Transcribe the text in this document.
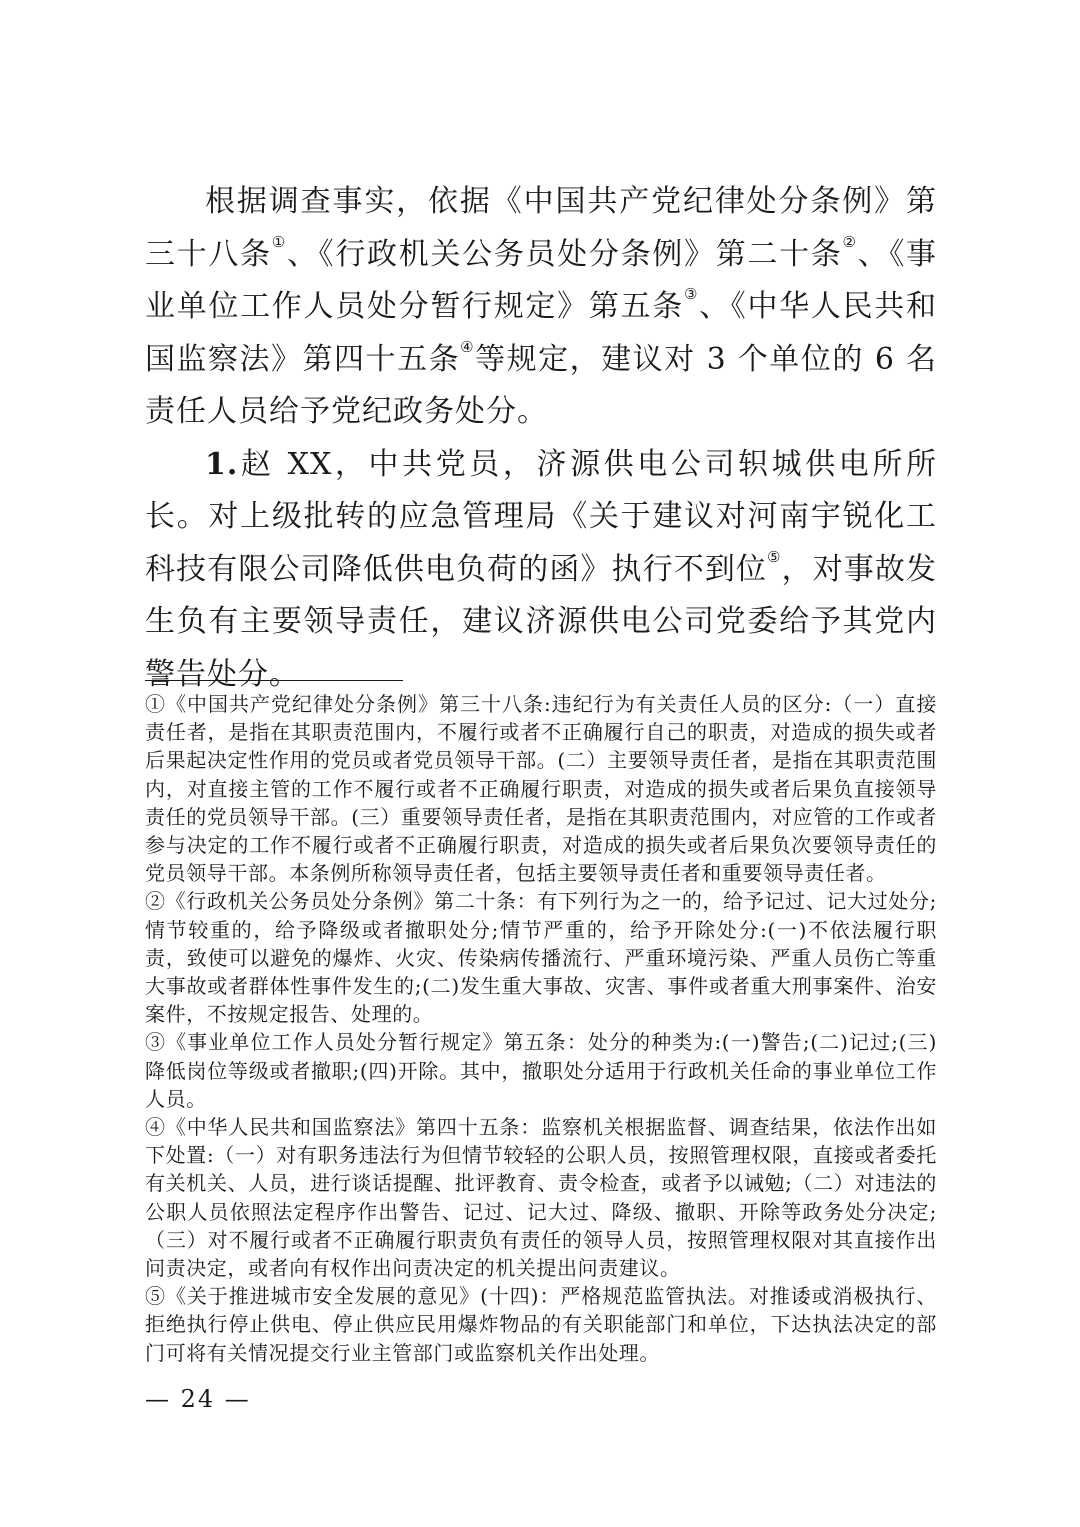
根据调查事实，依据《中国共产党纪律处分条例》第三十八条①、《行政机关公务员处分条例》第二十条②、《事业单位工作人员处分暂行规定》第五条③、《中华人民共和国监察法》第四十五条④等规定，建议对 3 个单位的 6 名责任人员给予党纪政务处分。

1.赵 XX，中共党员，济源供电公司轵城供电所所长。对上级批转的应急管理局《关于建议对河南宇锐化工科技有限公司降低供电负荷的函》执行不到位⑤，对事故发生负有主要领导责任，建议济源供电公司党委给予其党内警告处分。

①《中国共产党纪律处分条例》第三十八条:违纪行为有关责任人员的区分:（一）直接责任者，是指在其职责范围内，不履行或者不正确履行自己的职责，对造成的损失或者后果起决定性作用的党员或者党员领导干部。(二）主要领导责任者，是指在其职责范围内，对直接主管的工作不履行或者不正确履行职责，对造成的损失或者后果负直接领导责任的党员领导干部。(三）重要领导责任者，是指在其职责范围内，对应管的工作或者参与决定的工作不履行或者不正确履行职责，对造成的损失或者后果负次要领导责任的党员领导干部。本条例所称领导责任者，包括主要领导责任者和重要领导责任者。

②《行政机关公务员处分条例》第二十条：有下列行为之一的，给予记过、记大过处分;情节较重的，给予降级或者撤职处分;情节严重的，给予开除处分:(一)不依法履行职责，致使可以避免的爆炸、火灾、传染病传播流行、严重环境污染、严重人员伤亡等重大事故或者群体性事件发生的;(二)发生重大事故、灾害、事件或者重大刑事案件、治安案件，不按规定报告、处理的。

③《事业单位工作人员处分暂行规定》第五条：处分的种类为:(一)警告;(二)记过;(三)降低岗位等级或者撤职;(四)开除。其中，撤职处分适用于行政机关任命的事业单位工作人员。

④《中华人民共和国监察法》第四十五条：监察机关根据监督、调查结果，依法作出如下处置:（一）对有职务违法行为但情节较轻的公职人员，按照管理权限，直接或者委托有关机关、人员，进行谈话提醒、批评教育、责令检查，或者予以诫勉;（二）对违法的公职人员依照法定程序作出警告、记过、记大过、降级、撤职、开除等政务处分决定;（三）对不履行或者不正确履行职责负有责任的领导人员，按照管理权限对其直接作出问责决定，或者向有权作出问责决定的机关提出问责建议。

⑤《关于推进城市安全发展的意见》(十四)：严格规范监管执法。对推诿或消极执行、拒绝执行停止供电、停止供应民用爆炸物品的有关职能部门和单位，下达执法决定的部门可将有关情况提交行业主管部门或监察机关作出处理。

— 24 —
